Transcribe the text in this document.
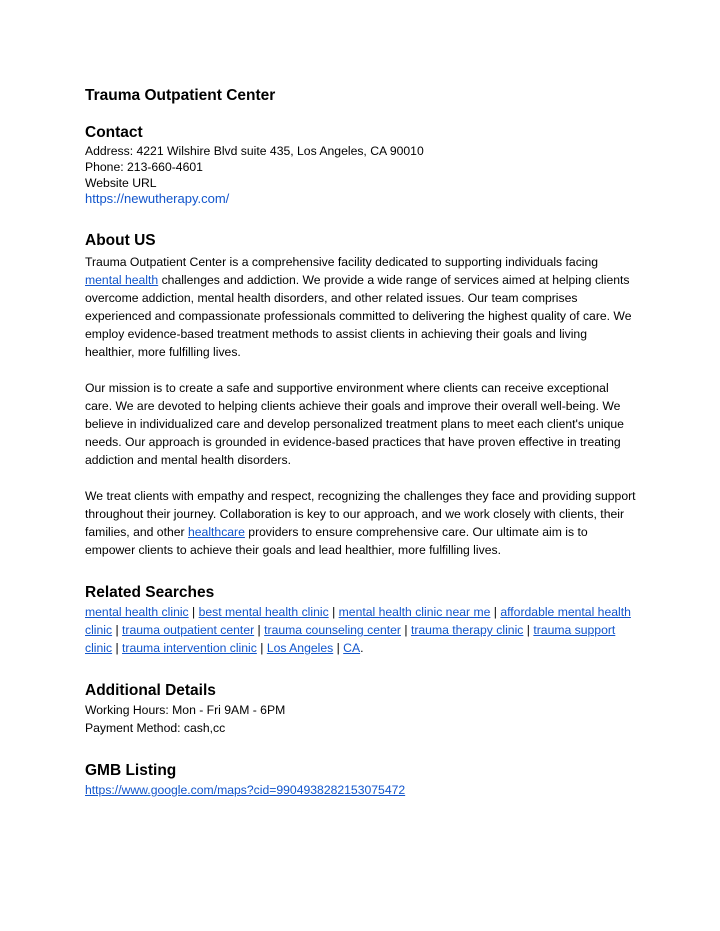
Trauma Outpatient Center
Contact

Address: 4221 Wilshire Blvd suite 435, Los Angeles, CA 90010

Phone: 213-660-4601

Website URL

https://newutherapy.com/

About US

Trauma Outpatient Center is a comprehensive facility dedicated to supporting individuals facing mental health challenges and addiction. We provide a wide range of services aimed at helping clients overcome addiction, mental health disorders, and other related issues. Our team comprises experienced and compassionate professionals committed to delivering the highest quality of care. We employ evidence-based treatment methods to assist clients in achieving their goals and living healthier, more fulfilling lives.

Our mission is to create a safe and supportive environment where clients can receive exceptional care. We are devoted to helping clients achieve their goals and improve their overall well-being. We believe in individualized care and develop personalized treatment plans to meet each client's unique needs. Our approach is grounded in evidence-based practices that have proven effective in treating addiction and mental health disorders.

We treat clients with empathy and respect, recognizing the challenges they face and providing support throughout their journey. Collaboration is key to our approach, and we work closely with clients, their families, and other healthcare providers to ensure comprehensive care. Our ultimate aim is to empower clients to achieve their goals and lead healthier, more fulfilling lives.

Related Searches

mental health clinic | best mental health clinic | mental health clinic near me | affordable mental health clinic | trauma outpatient center | trauma counseling center | trauma therapy clinic | trauma support clinic | trauma intervention clinic | Los Angeles | CA.

Additional Details

Working Hours: Mon - Fri 9AM - 6PM

Payment Method: cash,cc

GMB Listing

https://www.google.com/maps?cid=9904938282153075472
